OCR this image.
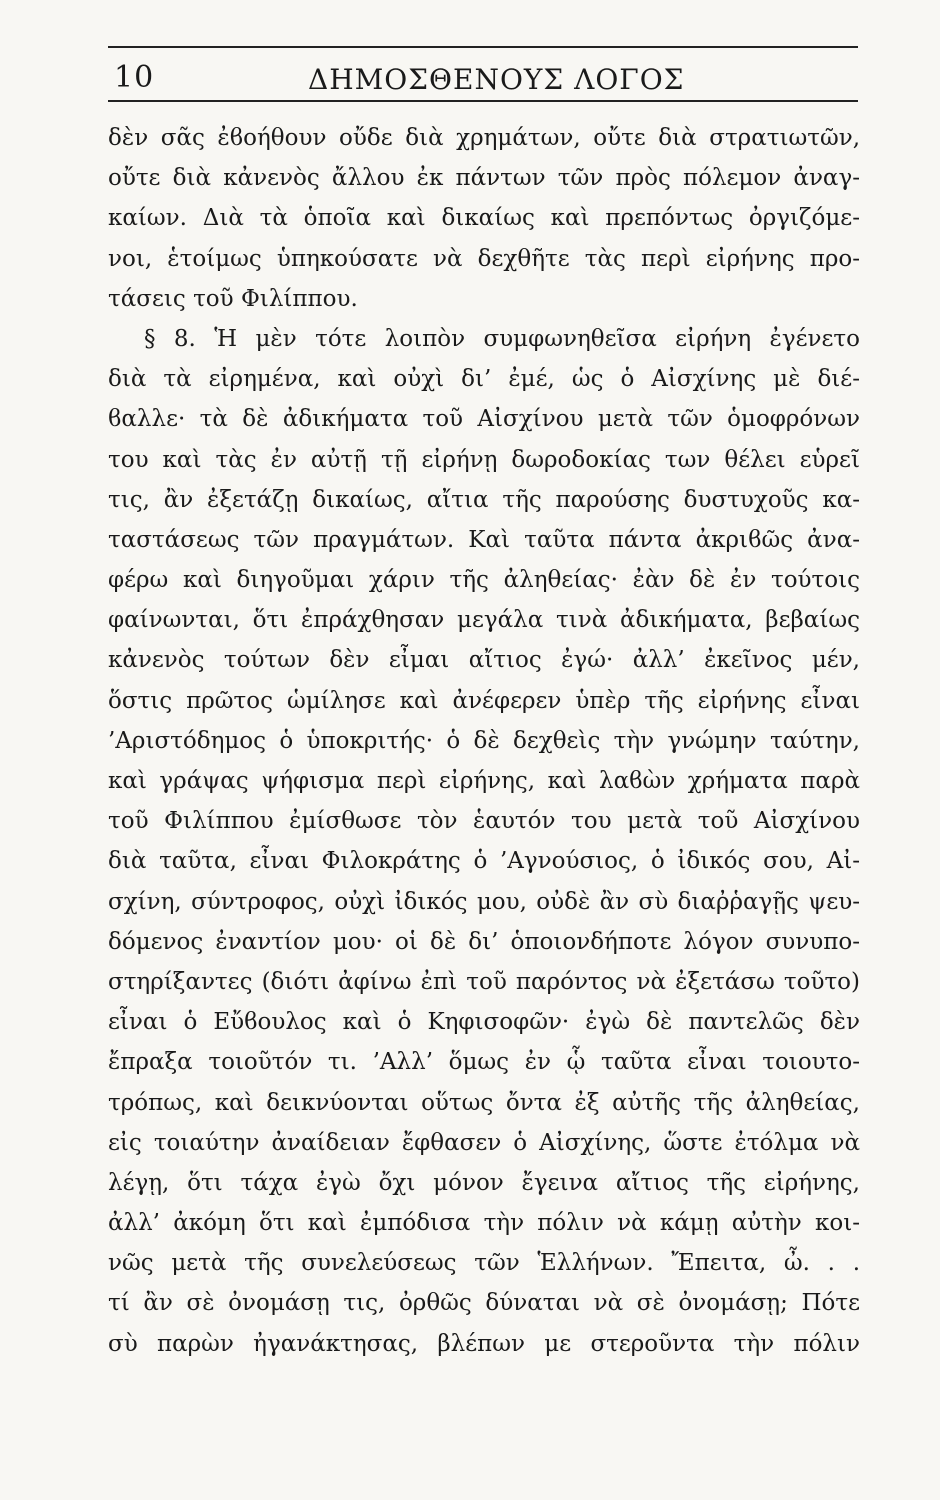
10	ΔΗΜΟΣΘΕΝΟΥΣ ΛΟΓΟΣ
δὲν σᾶς ἐϐοήθουν οὔδε διὰ χρημάτων, οὔτε διὰ στρατιωτῶν,
οὔτε διὰ κἀνενὸς ἄλλου ἐκ πάντων τῶν πρὸς πόλεμον ἀναγ-
καίων. Διὰ τὰ ὁποῖα καὶ δικαίως καὶ πρεπόντως ὀργιζόμε-
νοι, ἑτοίμως ὑπηκούσατε νὰ δεχθῆτε τὰς περὶ εἰρήνης προ-
τάσεις τοῦ Φιλίππου.
§ 8. Ἡ μὲν τότε λοιπὸν συμφωνηθεῖσα εἰρήνη ἐγένετο
διὰ τὰ εἰρημένα, καὶ οὐχὶ δι’ ἐμέ, ὡς ὁ Αἰσχίνης μὲ διέ-
ϐαλλε· τὰ δὲ ἀδικήματα τοῦ Αἰσχίνου μετὰ τῶν ὁμοφρόνων
του καὶ τὰς ἐν αὐτῇ τῇ εἰρήνῃ δωροδοκίας των θέλει εὑρεῖ
τις, ἂν ἐξετάζῃ δικαίως, αἴτια τῆς παρούσης δυστυχοῦς κα-
ταστάσεως τῶν πραγμάτων. Καὶ ταῦτα πάντα ἀκριϐῶς ἀνα-
φέρω καὶ διηγοῦμαι χάριν τῆς ἀληθείας· ἐὰν δὲ ἐν τούτοις
φαίνωνται, ὅτι ἐπράχθησαν μεγάλα τινὰ ἀδικήματα, βεβαίως
κἀνενὸς τούτων δὲν εἶμαι αἴτιος ἐγώ· ἀλλ’ ἐκεῖνος μέν,
ὅστις πρῶτος ὡμίλησε καὶ ἀνέφερεν ὑπὲρ τῆς εἰρήνης εἶναι
’Αριστόδημος ὁ ὑποκριτής· ὁ δὲ δεχθεὶς τὴν γνώμην ταύτην,
καὶ γράψας ψήφισμα περὶ εἰρήνης, καὶ λαϐὼν χρήματα παρὰ
τοῦ Φιλίππου ἐμίσθωσε τὸν ἑαυτόν του μετὰ τοῦ Αἰσχίνου
διὰ ταῦτα, εἶναι Φιλοκράτης ὁ ’Αγνούσιος, ὁ ἰδικός σου, Αἰ-
σχίνη, σύντροφος, οὐχὶ ἰδικός μου, οὐδὲ ἂν σὺ διαῤῥαγῇς ψευ-
δόμενος ἐναντίον μου· οἱ δὲ δι’ ὁποιονδήποτε λόγον συνυπο-
στηρίξαντες (διότι ἀφίνω ἐπὶ τοῦ παρόντος νὰ ἐξετάσω τοῦτο)
εἶναι ὁ Εὔϐουλος καὶ ὁ Κηφισοφῶν· ἐγὼ δὲ παντελῶς δὲν
ἔπραξα τοιοῦτόν τι. ’Αλλ’ ὅμως ἐν ᾧ ταῦτα εἶναι τοιουτο-
τρόπως, καὶ δεικνύονται οὕτως ὄντα ἐξ αὐτῆς τῆς ἀληθείας,
εἰς τοιαύτην ἀναίδειαν ἔφθασεν ὁ Αἰσχίνης, ὥστε ἐτόλμα νὰ
λέγῃ, ὅτι τάχα ἐγὼ ὄχι μόνον ἔγεινα αἴτιος τῆς εἰρήνης,
ἀλλ’ ἀκόμη ὅτι καὶ ἐμπόδισα τὴν πόλιν νὰ κάμῃ αὐτὴν κοι-
νῶς μετὰ τῆς συνελεύσεως τῶν Ἑλλήνων. Ἔπειτα, ὦ. . .
τί ἂν σὲ ὀνομάσῃ τις, ὀρθῶς δύναται νὰ σὲ ὀνομάσῃ; Πότε
σὺ παρὼν ἠγανάκτησας, βλέπων με στεροῦντα τὴν πόλιν
